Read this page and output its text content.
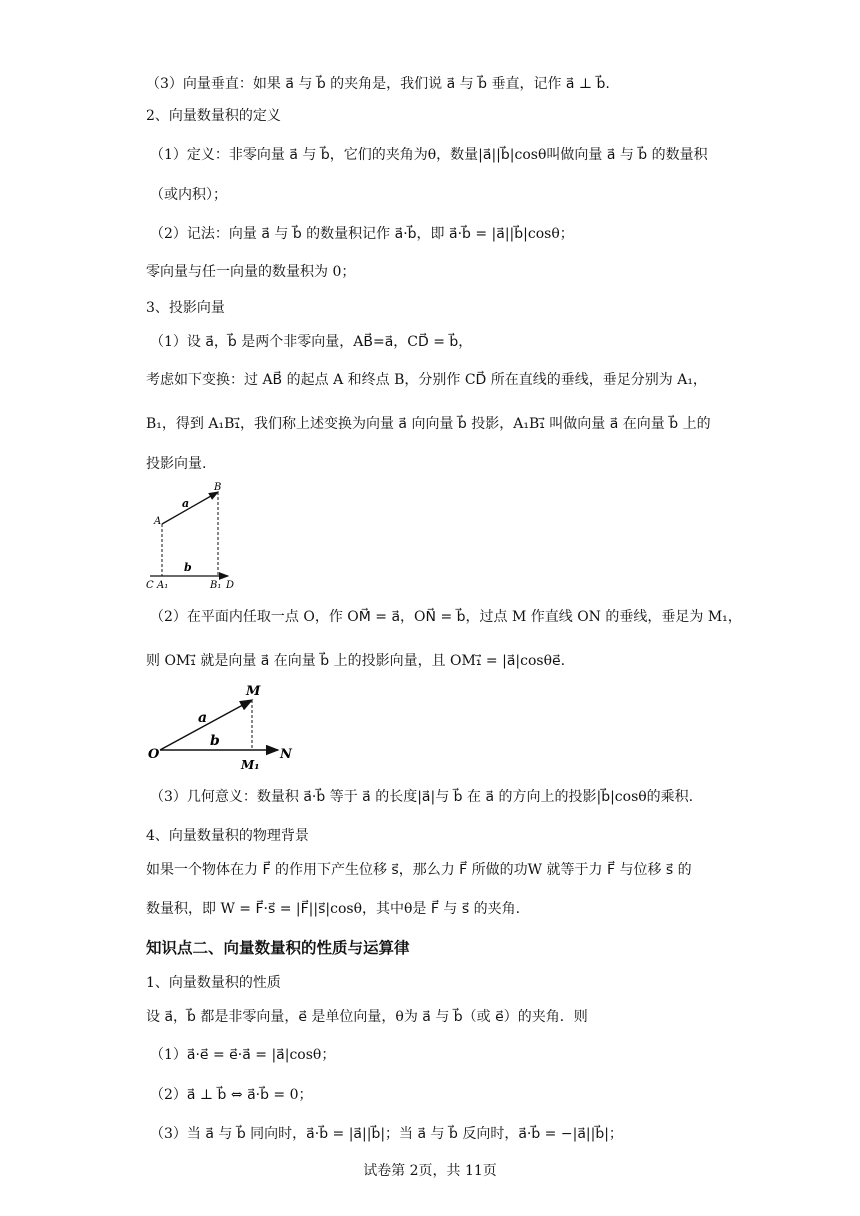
（3）向量垂直：如果 a⃗ 与 b⃗ 的夹角是，我们说 a⃗ 与 b⃗ 垂直，记作 a⃗ ⊥ b⃗.
2、向量数量积的定义
（1）定义：非零向量 a⃗ 与 b⃗，它们的夹角为θ，数量|a⃗||b⃗|cosθ叫做向量 a⃗ 与 b⃗ 的数量积
（或内积）；
（2）记法：向量 a⃗ 与 b⃗ 的数量积记作 a⃗·b⃗，即 a⃗·b⃗ = |a⃗||b⃗|cosθ；
零向量与任一向量的数量积为 0；
3、投影向量
（1）设 a⃗，b⃗ 是两个非零向量，AB⃗=a⃗，CD⃗ = b⃗，
考虑如下变换：过 AB⃗ 的起点 A 和终点 B，分别作 CD⃗ 所在直线的垂线，垂足分别为 A₁，
B₁，得到 A₁B₁⃗，我们称上述变换为向量 a⃗ 向向量 b⃗ 投影，A₁B₁⃗ 叫做向量 a⃗ 在向量 b⃗ 上的
投影向量.
A
B
a
b
C A₁	B₁ D
（2）在平面内任取一点 O，作 OM⃗ = a⃗，ON⃗ = b⃗，过点 M 作直线 ON 的垂线，垂足为 M₁，
则 OM₁⃗ 就是向量 a⃗ 在向量 b⃗ 上的投影向量，且 OM₁⃗ = |a⃗|cosθe⃗.
O
M
a
b
M₁
N
（3）几何意义：数量积 a⃗·b⃗ 等于 a⃗ 的长度|a⃗|与 b⃗ 在 a⃗ 的方向上的投影|b⃗|cosθ的乘积.
4、向量数量积的物理背景
如果一个物体在力 F⃗ 的作用下产生位移 s⃗，那么力 F⃗ 所做的功W 就等于力 F⃗ 与位移 s⃗ 的
数量积，即 W = F⃗·s⃗ = |F⃗||s⃗|cosθ，其中θ是 F⃗ 与 s⃗ 的夹角.
知识点二、向量数量积的性质与运算律
1、向量数量积的性质
设 a⃗，b⃗ 都是非零向量，e⃗ 是单位向量，θ为 a⃗ 与 b⃗（或 e⃗）的夹角．则
（1）a⃗·e⃗ = e⃗·a⃗ = |a⃗|cosθ；
（2）a⃗ ⊥ b⃗ ⇔ a⃗·b⃗ = 0；
（3）当 a⃗ 与 b⃗ 同向时，a⃗·b⃗ = |a⃗||b⃗|；当 a⃗ 与 b⃗ 反向时，a⃗·b⃗ = −|a⃗||b⃗|；
试卷第 2页，共 11页
